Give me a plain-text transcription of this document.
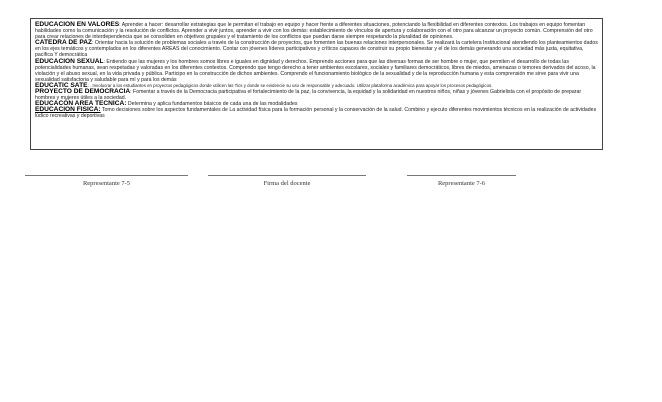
EDUCACION EN VALORES: Aprender a hacer: desarrollar estrategias que le permitan el trabajo en equipo y hacer frente a diferentes situaciones, potenciando la flexibilidad en diferentes contextos. Los trabajos en equipo fomentan habilidades como la comunicación y la resolución de conflictos. Aprender a vivir juntos, aprender a vivir con los demás: establecimiento de vínculos de apertura y colaboración con el otro para alcanzar un proyecto común. Comprensión del otro para crear relaciones de interdependencia que se consoliden en objetivos grupales y el tratamiento de los conflictos que puedan darse siempre respetando la pluralidad de opiniones.

CATEDRA DE PAZ: Orientar hacia la solución de problemas sociales a través de la construcción de proyectos, que fomenten las buenas relaciones interpersonales. Se realizará la cartelera Institucional atendiendo los planteamientos dados en los ejes temáticos y contemplados en los diferentes AREAS del conocimiento. Contar con jóvenes líderes participativos y críticos capaces de construir su propio bienestar y el de los demás generando una sociedad más justa, equitativa, pacífica Y democrática

EDUCACION SEXUAL: Entiendo que las mujeres y los hombres somos libres e iguales en dignidad y derechos. Emprendo acciones para que las diversas formas de ser hombre o mujer, que permiten el desarrollo de todas las potencialidades humanas, sean respetadas y valoradas en los diferentes contextos. Comprendo que tengo derecho a tener ambientes escolares, sociales y familiares democráticos, libres de miedos, amenazas o temores derivados del acoso, la violación y el abuso sexual, en la vida privada y pública. Participo en la construcción de dichos ambientes. Comprendo el funcionamiento biológico de la sexualidad y de la reproducción humana y esta comprensión me sirve para vivir una sexualidad satisfactoria y saludable para mí y para los demás

EDUCATIC SATE: . Involucrar a los estudiantes en proyectos pedagógicos donde utilicen las Tics y donde se evidencie su uso de responsable y adecuado. Utilizar plataforma académica para apoyar los procesos pedagógicos.

PROYECTO DE DEMOCRACIA: Fomentar a través de la Democracia participativa el fortalecimiento de la paz, la convivencia, la equidad y la solidaridad en nuestros niños, niñas y jóvenes Gabrielista con el propósito de preparar hombres y mujeres útiles a la sociedad.

EDUCACÓN AREA TECNICA: Determina y aplica fundamentos básicos de cada una de las modalidades

EDUCACION FISICA: Tomo decisiones sobre los aspectos fundamentales de La actividad física para la formación personal y la conservación de la salud. Combino y ejecuto diferentes movimientos técnicos en la realización de actividades lúdico recreativas y deportivas

Representante 7-5	Firma del docente	Representante 7-6
